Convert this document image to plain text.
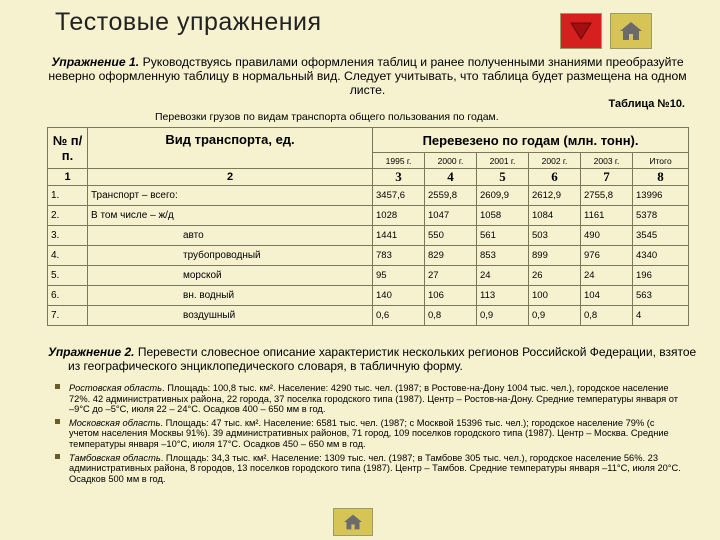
Тестовые упражнения
Упражнение 1. Руководствуясь правилами оформления таблиц и ранее полученными знаниями преобразуйте неверно оформленную таблицу в нормальный вид. Следует учитывать, что таблица будет размещена на одном листе.
Таблица №10.
Перевозки грузов по видам транспорта общего пользования по годам.
№ п/п.	Вид транспорта, ед.	Перевезено по годам (млн. тонн).					
		1995 г.	2000 г.	2001 г.	2002 г.	2003 г.	Итого
1	2	3	4	5	6	7	8
1.	Транспорт – всего:	3457,6	2559,8	2609,9	2612,9	2755,8	13996
2.	В том числе – ж/д	1028	1047	1058	1084	1161	5378
3.	авто	1441	550	561	503	490	3545
4.	трубопроводный	783	829	853	899	976	4340
5.	морской	95	27	24	26	24	196
6.	вн. водный	140	106	113	100	104	563
7.	воздушный	0,6	0,8	0,9	0,9	0,8	4
Упражнение 2. Перевести словесное описание характеристик нескольких регионов Российской Федерации, взятое из географического энциклопедического словаря, в табличную форму.
Ростовская область. Площадь: 100,8 тыс. км². Население: 4290 тыс. чел. (1987; в Ростове-на-Дону 1004 тыс. чел.), городское население 72%. 42 административных района, 22 города, 37 поселка городского типа (1987). Центр – Ростов-на-Дону. Средние температуры января от –9°С до –5°С, июля 22 – 24°С. Осадков 400 – 650 мм в год.
Московская область. Площадь: 47 тыс. км². Население: 6581 тыс. чел. (1987; с Москвой 15396 тыс. чел.); городское население 79% (с учетом населения Москвы 91%). 39 административных районов, 71 город, 109 поселков городского типа (1987). Центр – Москва. Средние температуры января –10°С, июля 17°С. Осадков 450 – 650 мм в год.
Тамбовская область. Площадь: 34,3 тыс. км². Население: 1309 тыс. чел. (1987; в Тамбове 305 тыс. чел.), городское население 56%. 23 административных района, 8 городов, 13 поселков городского типа (1987). Центр – Тамбов. Средние температуры января –11°С, июля 20°С. Осадков 500 мм в год.
